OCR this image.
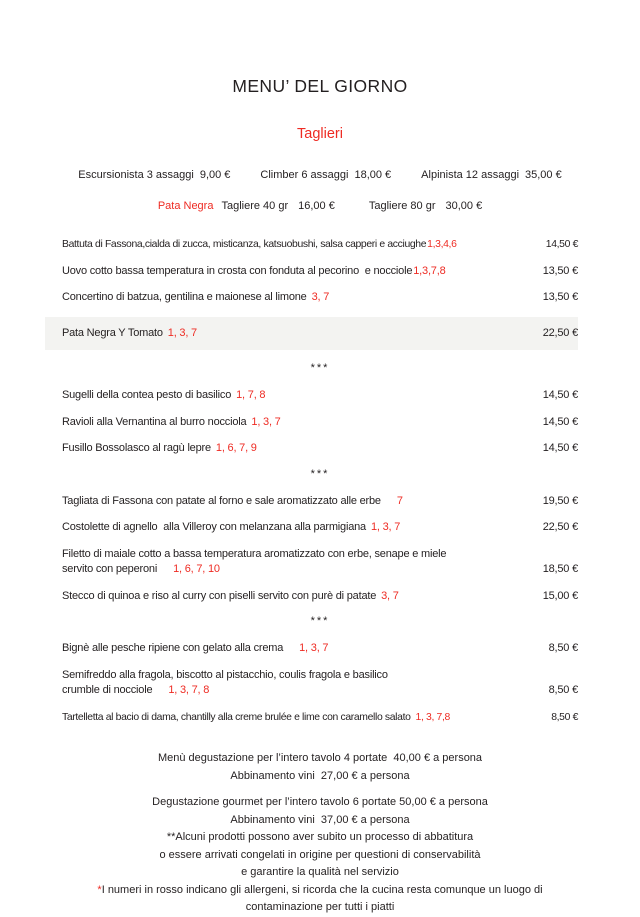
MENU’ DEL GIORNO
Taglieri
Escursionista 3 assaggi 9,00 €	Climber 6 assaggi 18,00 €	Alpinista 12 assaggi 35,00 €
Pata Negra Tagliere 40 gr 16,00 €	Tagliere 80 gr 30,00 €
Battuta di Fassona,cialda di zucca, misticanza, katsuobushi, salsa capperi e acciughe1,3,4,6	14,50 €
Uovo cotto bassa temperatura in crosta con fonduta al pecorino  e nocciole1,3,7,8	13,50 €
Concertino di batzua, gentilina e maionese al limone 3, 7	13,50 €
Pata Negra Y Tomato 1, 3, 7	22,50 €
***
Sugelli della contea pesto di basilico 1, 7, 8	14,50 €
Ravioli alla Vernantina al burro nocciola 1, 3, 7	14,50 €
Fusillo Bossolasco al ragù lepre 1, 6, 7, 9	14,50 €
***
Tagliata di Fassona con patate al forno e sale aromatizzato alle erbe 7	19,50 €
Costolette di agnello  alla Villeroy con melanzana alla parmigiana 1, 3, 7	22,50 €
Filetto di maiale cotto a bassa temperatura aromatizzato con erbe, senape e miele
servito con peperoni 1, 6, 7, 10	18,50 €
Stecco di quinoa e riso al curry con piselli servito con purè di patate 3, 7	15,00 €
***
Bignè alle pesche ripiene con gelato alla crema 1, 3, 7	8,50 €
Semifreddo alla fragola, biscotto al pistacchio, coulis fragola e basilico
crumble di nocciole 1, 3, 7, 8	8,50 €
Tartelletta al bacio di dama, chantilly alla creme brulée e lime con caramello salato 1, 3, 7,8	8,50 €
Menù degustazione per l’intero tavolo 4 portate  40,00 € a persona
Abbinamento vini  27,00 € a persona
Degustazione gourmet per l’intero tavolo 6 portate 50,00 € a persona
Abbinamento vini  37,00 € a persona
**Alcuni prodotti possono aver subito un processo di abbatitura
o essere arrivati congelati in origine per questioni di conservabilità
e garantire la qualità nel servizio
*I numeri in rosso indicano gli allergeni, si ricorda che la cucina resta comunque un luogo di
contaminazione per tutti i piatti
